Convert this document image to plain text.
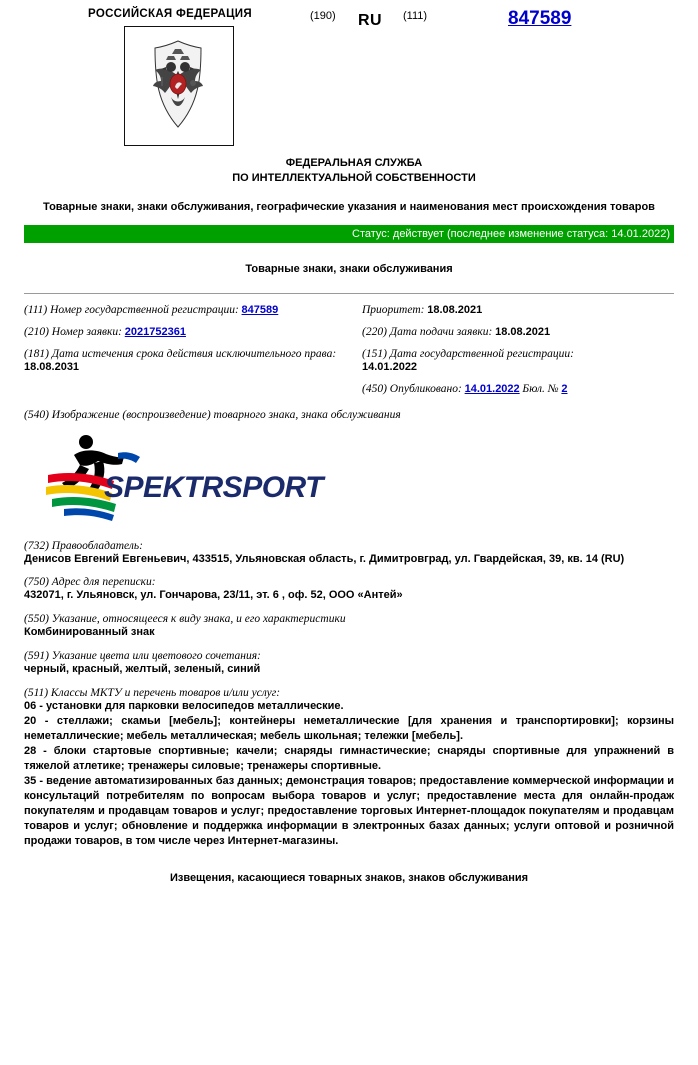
РОССИЙСКАЯ ФЕДЕРАЦИЯ	(190) RU (111)	847589
ФЕДЕРАЛЬНАЯ СЛУЖБА
ПО ИНТЕЛЛЕКТУАЛЬНОЙ СОБСТВЕННОСТИ
Товарные знаки, знаки обслуживания, географические указания и наименования мест происхождения товаров
Статус: действует (последнее изменение статуса: 14.01.2022)
Товарные знаки, знаки обслуживания
(111) Номер государственной регистрации: 847589	Приоритет: 18.08.2021
(210) Номер заявки: 2021752361	(220) Дата подачи заявки: 18.08.2021
(181) Дата истечения срока действия исключительного права:
18.08.2031
(151) Дата государственной регистрации:
14.01.2022
(450) Опубликовано: 14.01.2022 Бюл. № 2
(540) Изображение (воспроизведение) товарного знака, знака обслуживания
SPEKTRSPORT

(732) Правообладатель:
Денисов Евгений Евгеньевич, 433515, Ульяновская область, г. Димитровград, ул. Гвардейская, 39, кв. 14 (RU)

(750) Адрес для переписки:
432071, г. Ульяновск, ул. Гончарова, 23/11, эт. 6 , оф. 52, ООО «Антей»

(550) Указание, относящееся к виду знака, и его характеристики
Комбинированный знак

(591) Указание цвета или цветового сочетания:
черный, красный, желтый, зеленый, синий

(511) Классы МКТУ и перечень товаров и/или услуг:
06 - установки для парковки велосипедов металлические.
20 - стеллажи; скамьи [мебель]; контейнеры неметаллические [для хранения и транспортировки]; корзины неметаллические; мебель металлическая; мебель школьная; тележки [мебель].
28 - блоки стартовые спортивные; качели; снаряды гимнастические; снаряды спортивные для упражнений в тяжелой атлетике; тренажеры силовые; тренажеры спортивные.
35 - ведение автоматизированных баз данных; демонстрация товаров; предоставление коммерческой информации и консультаций потребителям по вопросам выбора товаров и услуг; предоставление места для онлайн-продаж покупателям и продавцам товаров и услуг; предоставление торговых Интернет-площадок покупателям и продавцам товаров и услуг; обновление и поддержка информации в электронных базах данных; услуги оптовой и розничной продажи товаров, в том числе через Интернет-магазины.
Извещения, касающиеся товарных знаков, знаков обслуживания
